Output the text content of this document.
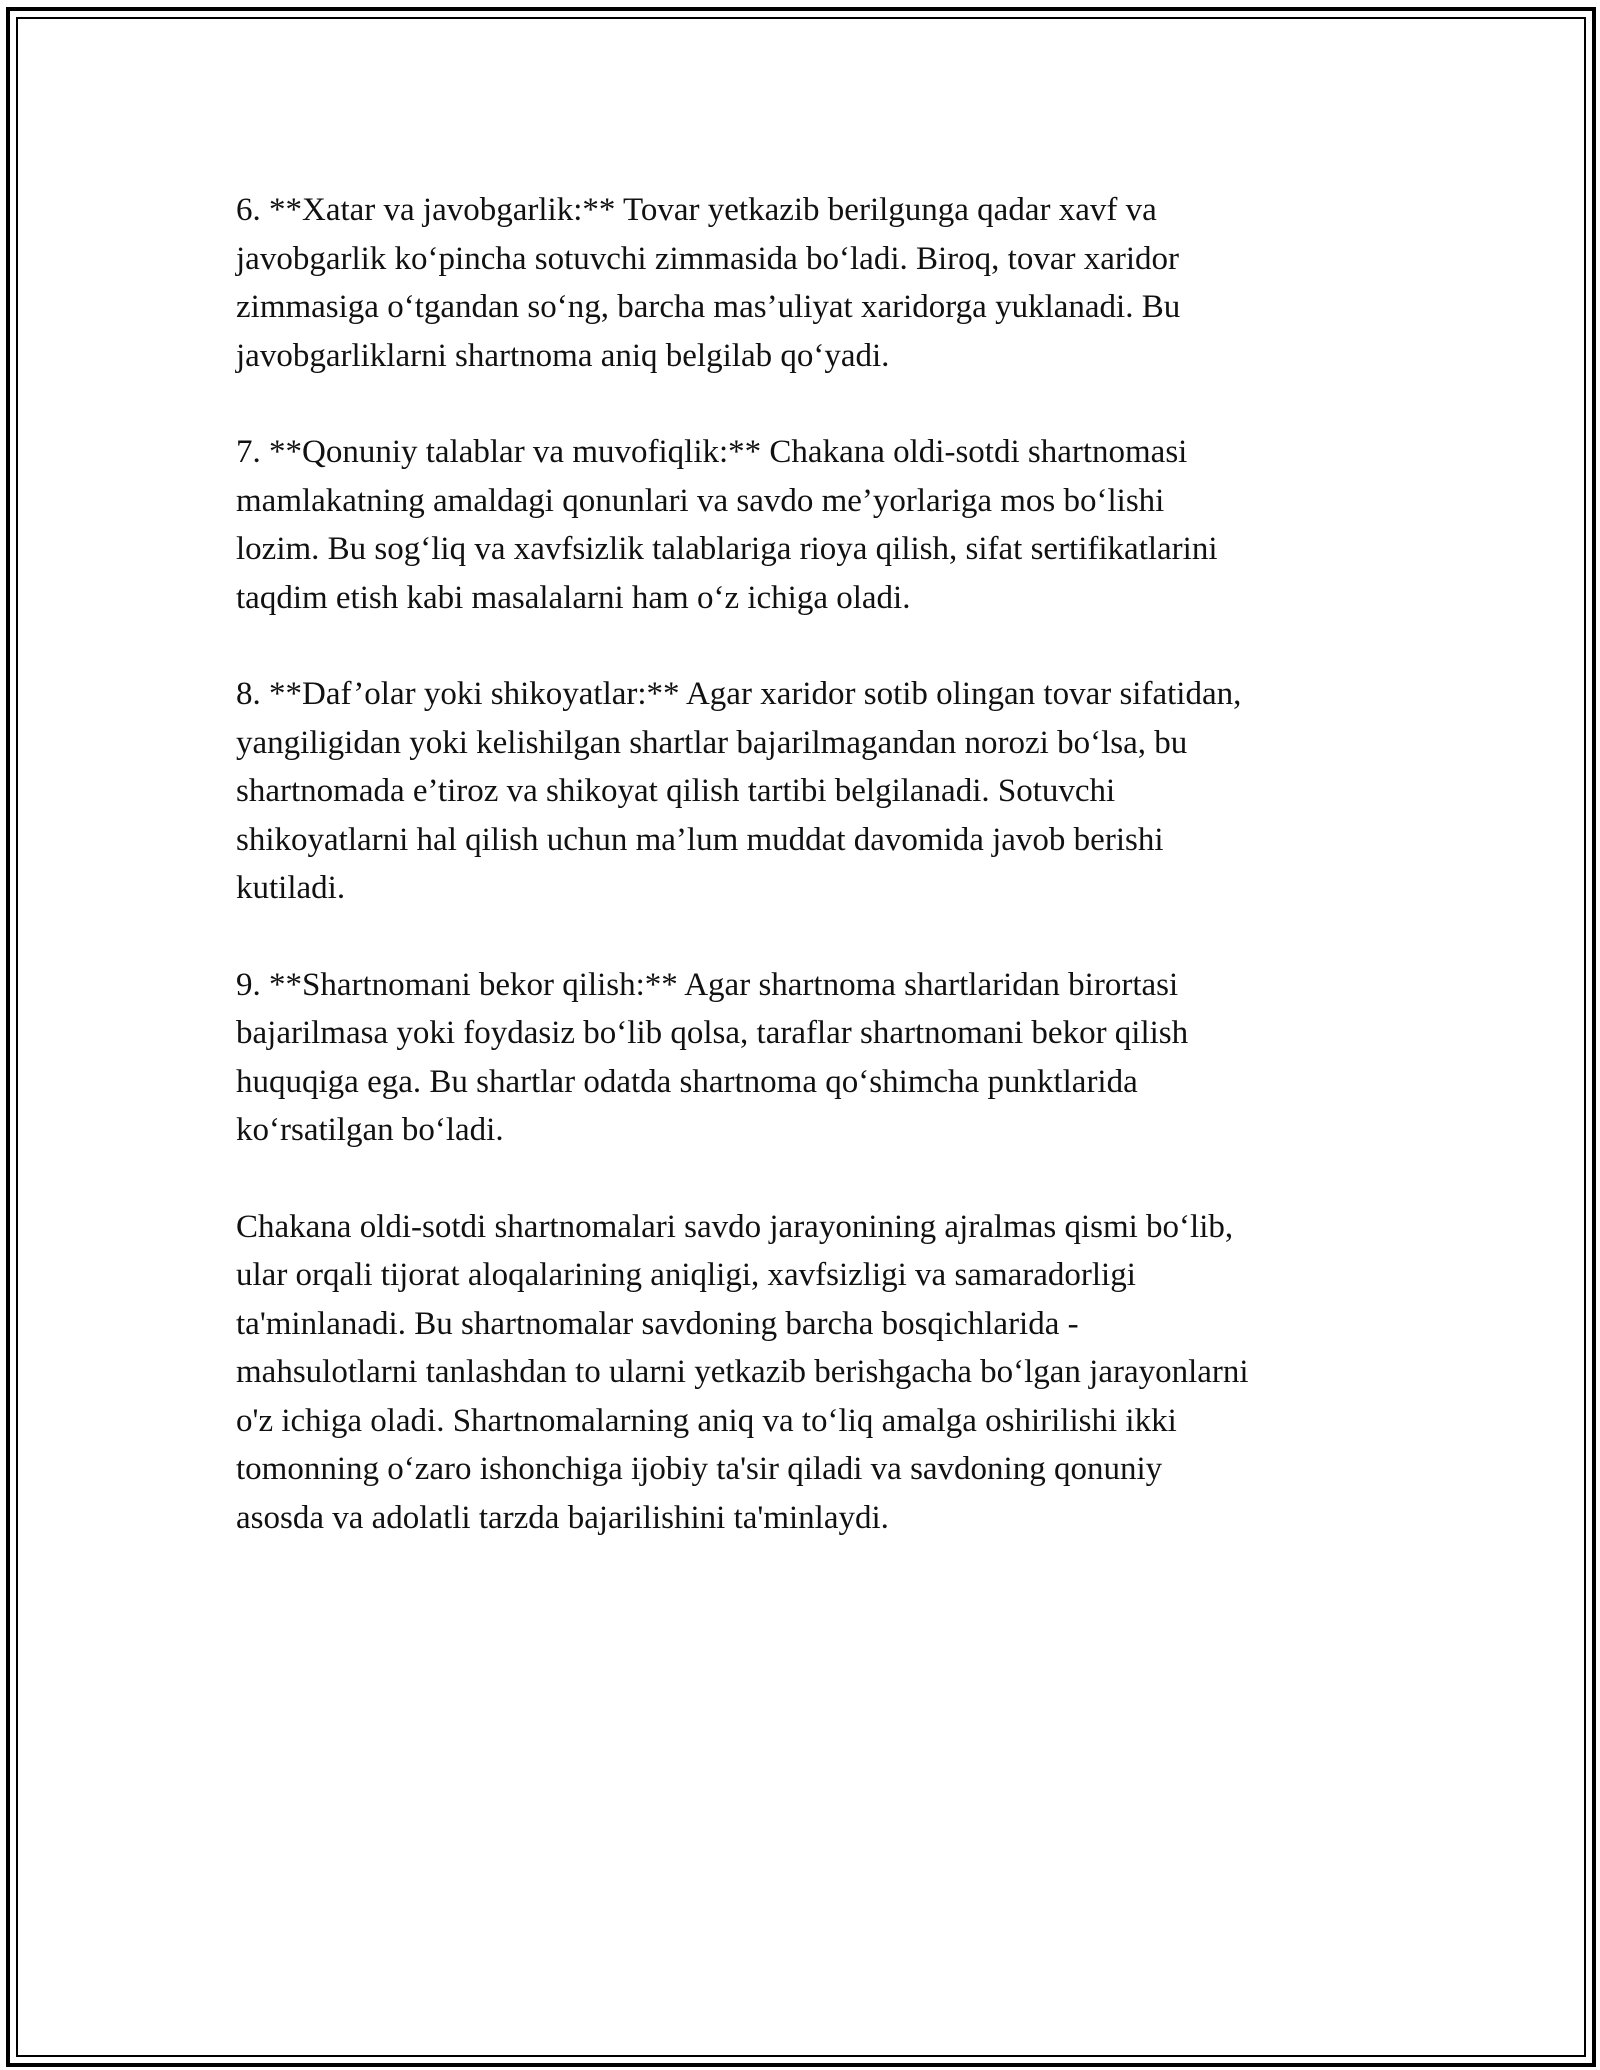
6. **Xatar va javobgarlik:** Tovar yetkazib berilgunga qadar xavf va
javobgarlik ko‘pincha sotuvchi zimmasida bo‘ladi. Biroq, tovar xaridor
zimmasiga o‘tgandan so‘ng, barcha mas’uliyat xaridorga yuklanadi. Bu
javobgarliklarni shartnoma aniq belgilab qo‘yadi.

7. **Qonuniy talablar va muvofiqlik:** Chakana oldi-sotdi shartnomasi
mamlakatning amaldagi qonunlari va savdo me’yorlariga mos bo‘lishi
lozim. Bu sog‘liq va xavfsizlik talablariga rioya qilish, sifat sertifikatlarini
taqdim etish kabi masalalarni ham o‘z ichiga oladi.

8. **Daf’olar yoki shikoyatlar:** Agar xaridor sotib olingan tovar sifatidan,
yangiligidan yoki kelishilgan shartlar bajarilmagandan norozi bo‘lsa, bu
shartnomada e’tiroz va shikoyat qilish tartibi belgilanadi. Sotuvchi
shikoyatlarni hal qilish uchun ma’lum muddat davomida javob berishi
kutiladi.

9. **Shartnomani bekor qilish:** Agar shartnoma shartlaridan birortasi
bajarilmasa yoki foydasiz bo‘lib qolsa, taraflar shartnomani bekor qilish
huquqiga ega. Bu shartlar odatda shartnoma qo‘shimcha punktlarida
ko‘rsatilgan bo‘ladi.

Chakana oldi-sotdi shartnomalari savdo jarayonining ajralmas qismi bo‘lib,
ular orqali tijorat aloqalarining aniqligi, xavfsizligi va samaradorligi
ta'minlanadi. Bu shartnomalar savdoning barcha bosqichlarida -
mahsulotlarni tanlashdan to ularni yetkazib berishgacha bo‘lgan jarayonlarni
o'z ichiga oladi. Shartnomalarning aniq va to‘liq amalga oshirilishi ikki
tomonning o‘zaro ishonchiga ijobiy ta'sir qiladi va savdoning qonuniy
asosda va adolatli tarzda bajarilishini ta'minlaydi.
